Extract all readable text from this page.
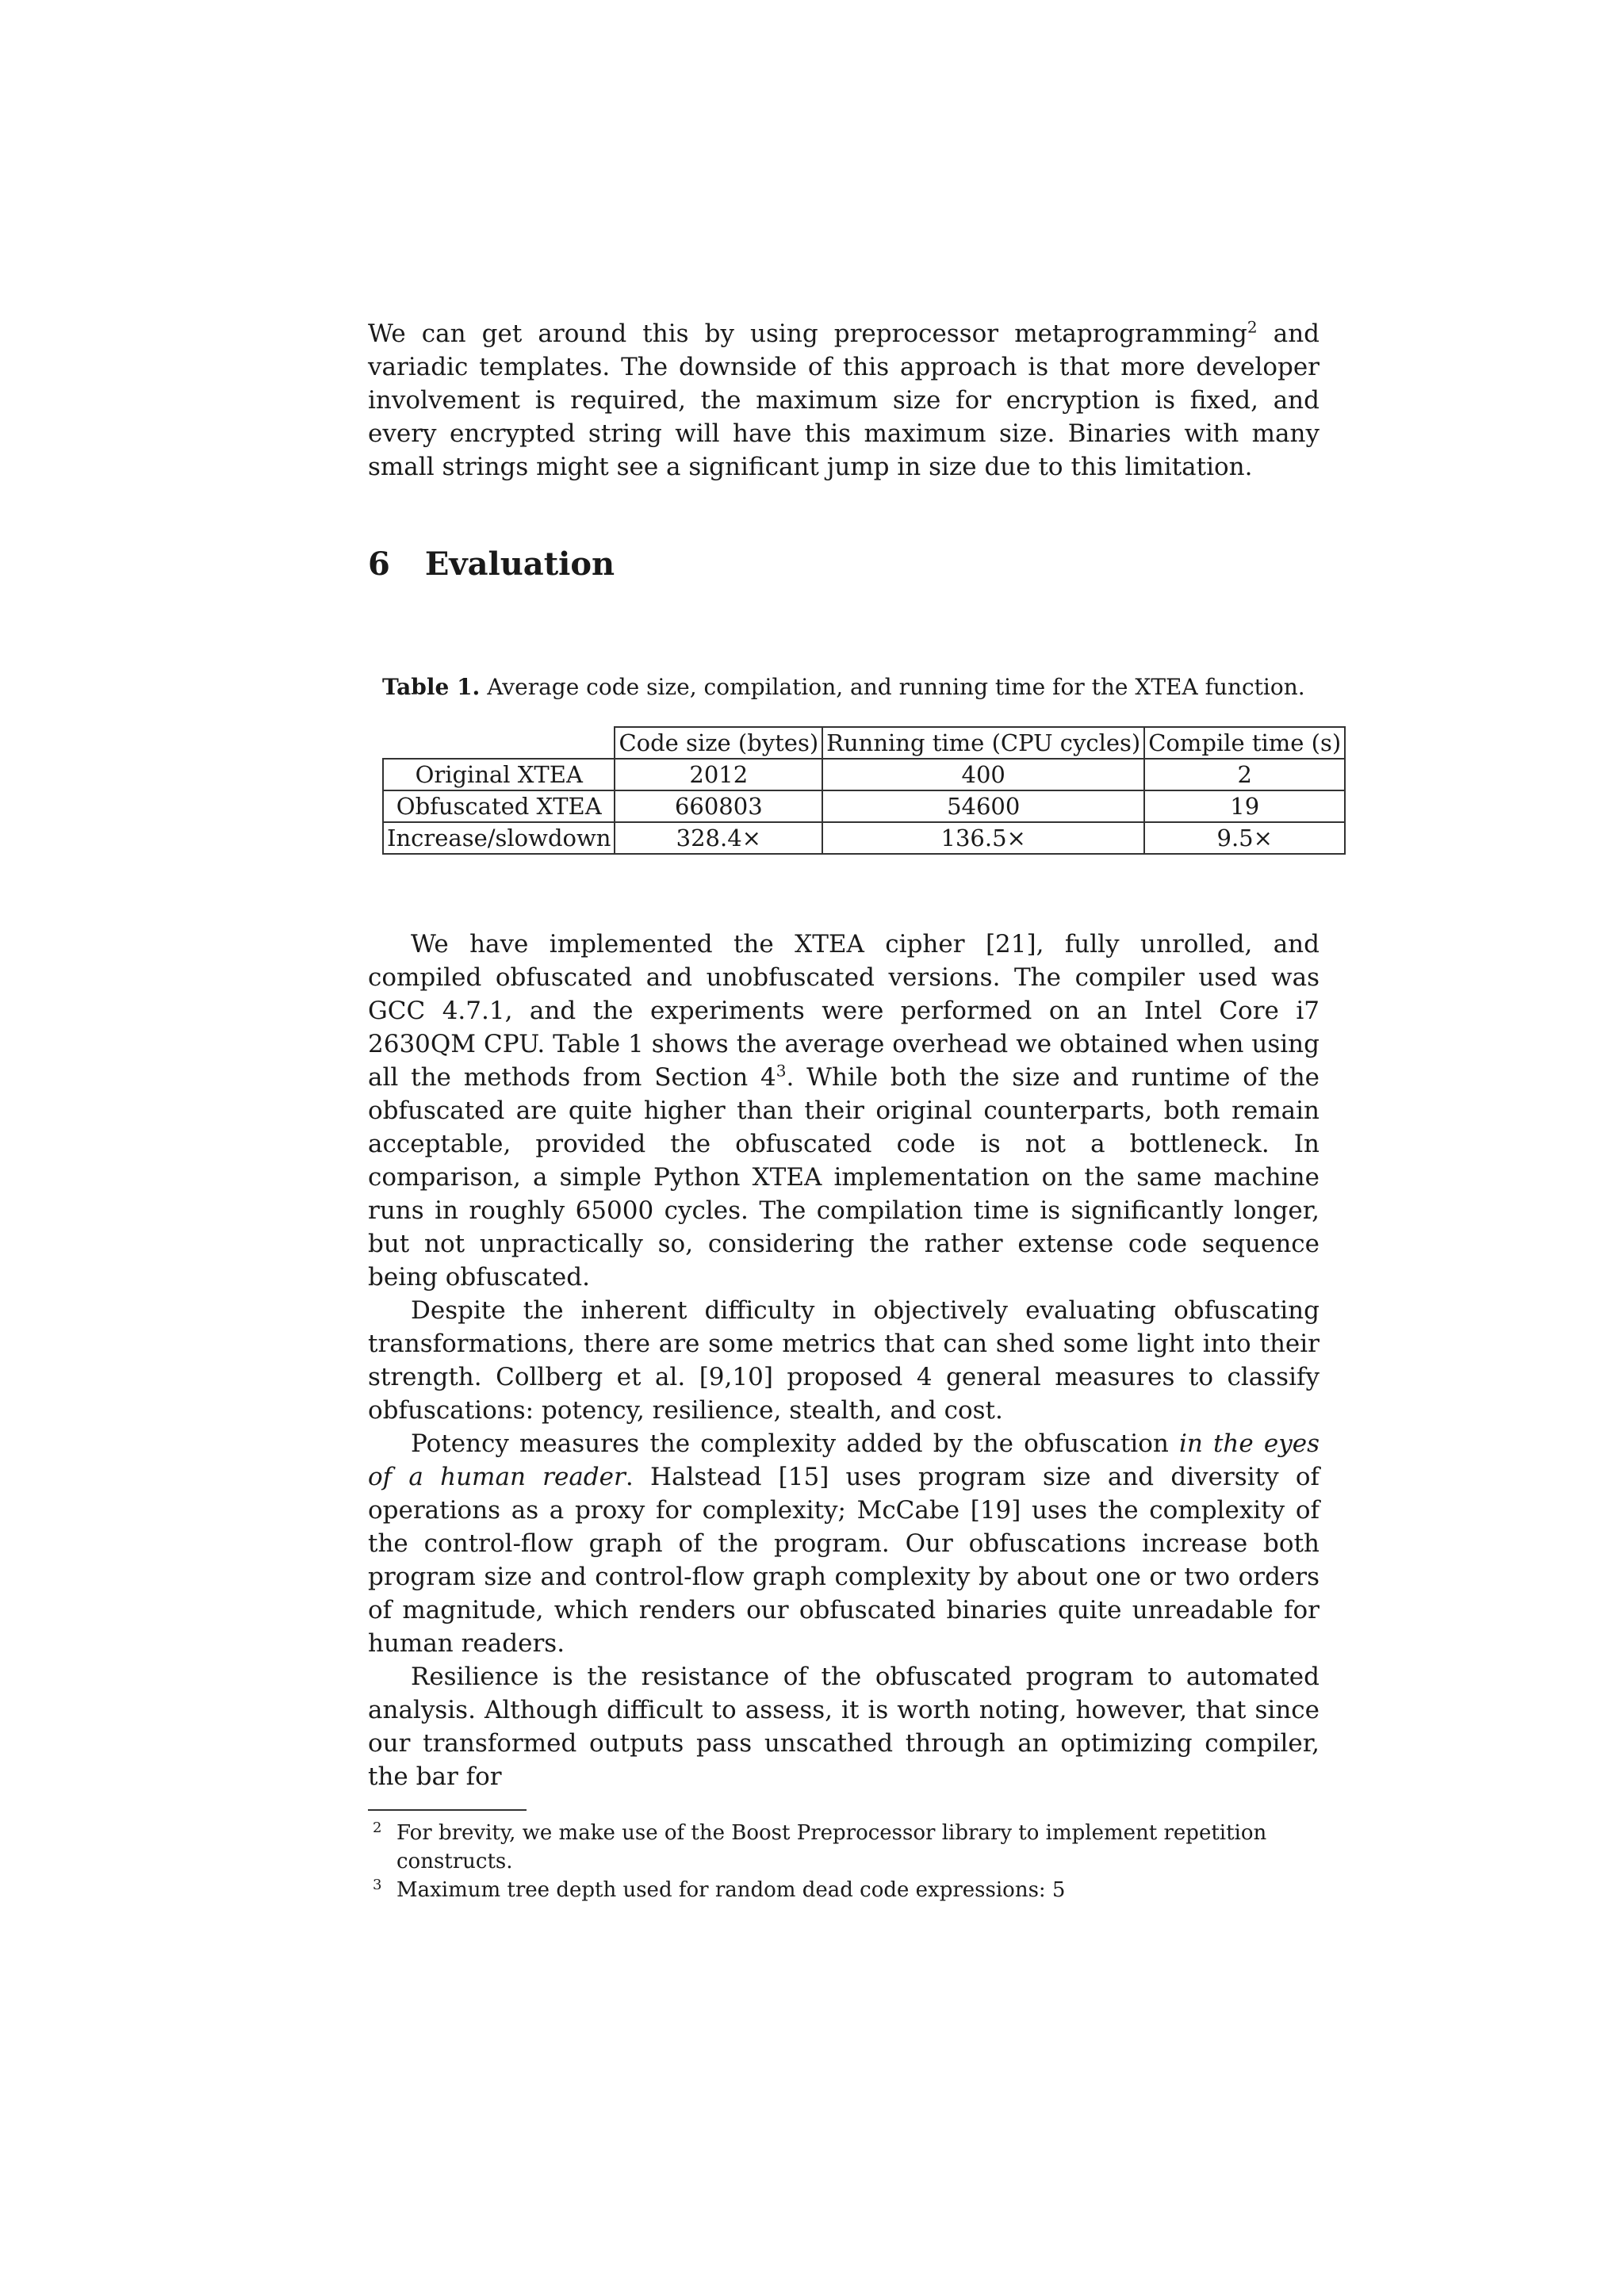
We can get around this by using preprocessor metaprogramming$^2$ and variadic templates. The downside of this approach is that more developer involvement is required, the maximum size for encryption is fixed, and every encrypted string will have this maximum size. Binaries with many small strings might see a significant jump in size due to this limitation.

6 Evaluation
Table 1. Average code size, compilation, and running time for the XTEA function.
	Code size (bytes)	Running time (CPU cycles)	Compile time (s)
Original XTEA	2012	400	2
Obfuscated XTEA	660803	54600	19
Increase/slowdown	328.4×	136.5×	9.5×

We have implemented the XTEA cipher [21], fully unrolled, and compiled obfuscated and unobfuscated versions. The compiler used was GCC 4.7.1, and the experiments were performed on an Intel Core i7 2630QM CPU. Table 1 shows the average overhead we obtained when using all the methods from Section $4^3$. While both the size and runtime of the obfuscated are quite higher than their original counterparts, both remain acceptable, provided the obfuscated code is not a bottleneck. In comparison, a simple Python XTEA implementation on the same machine runs in roughly 65000 cycles. The compilation time is significantly longer, but not unpractically so, considering the rather extense code sequence being obfuscated.

Despite the inherent difficulty in objectively evaluating obfuscating transformations, there are some metrics that can shed some light into their strength. Collberg et al. [9,10] proposed 4 general measures to classify obfuscations: potency, resilience, stealth, and cost.

Potency measures the complexity added by the obfuscation in the eyes of a human reader. Halstead [15] uses program size and diversity of operations as a proxy for complexity; McCabe [19] uses the complexity of the control-flow graph of the program. Our obfuscations increase both program size and control-flow graph complexity by about one or two orders of magnitude, which renders our obfuscated binaries quite unreadable for human readers.

Resilience is the resistance of the obfuscated program to automated analysis. Although difficult to assess, it is worth noting, however, that since our transformed outputs pass unscathed through an optimizing compiler, the bar for

2 For brevity, we make use of the Boost Preprocessor library to implement repetition constructs.
3 Maximum tree depth used for random dead code expressions: 5
